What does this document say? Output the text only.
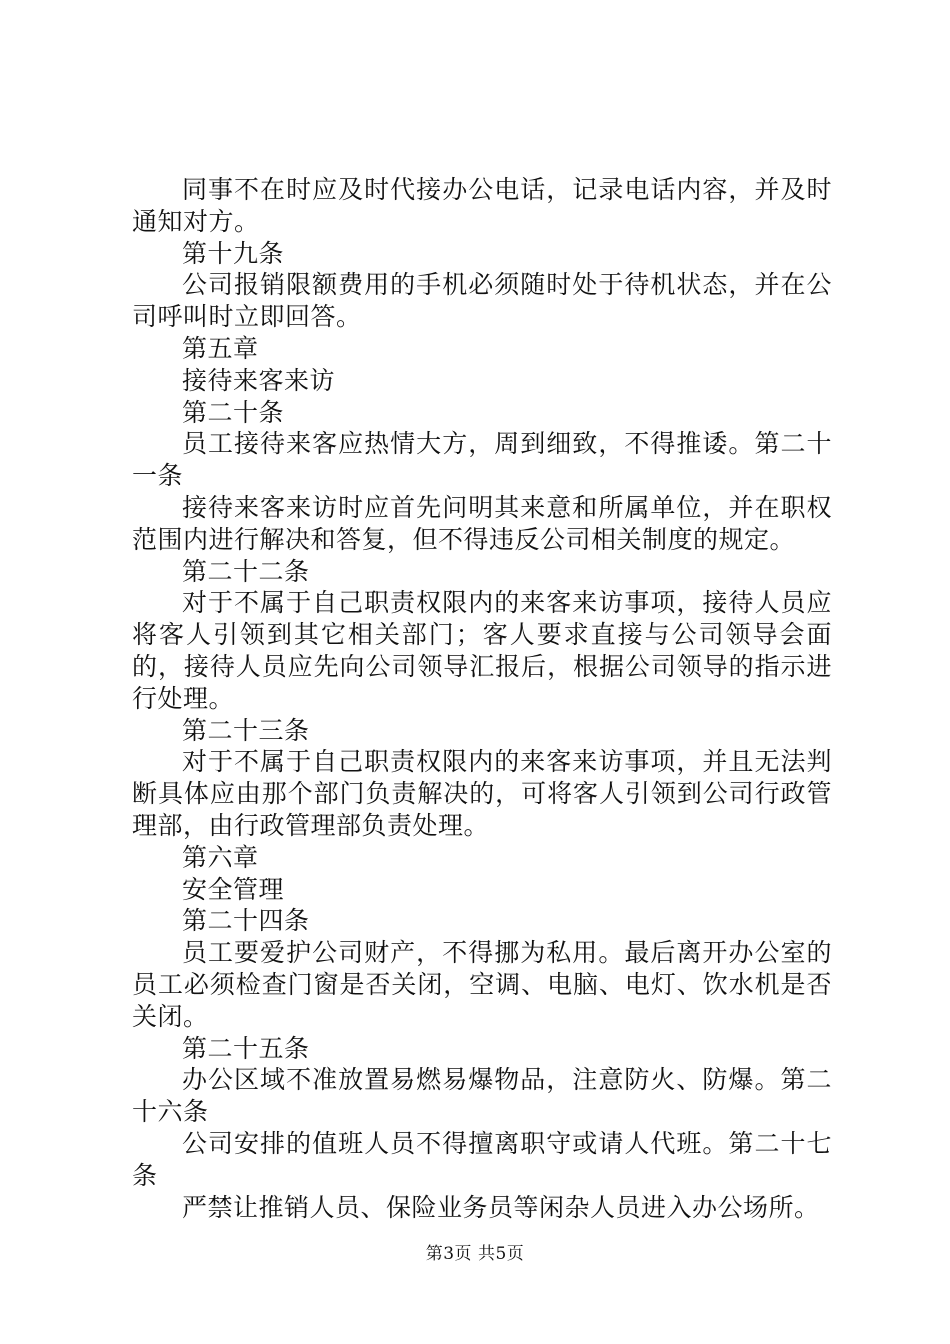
同事不在时应及时代接办公电话，记录电话内容，并及时通知对方。

第十九条

公司报销限额费用的手机必须随时处于待机状态，并在公司呼叫时立即回答。

第五章

接待来客来访

第二十条

员工接待来客应热情大方，周到细致，不得推诿。第二十一条

接待来客来访时应首先问明其来意和所属单位，并在职权范围内进行解决和答复，但不得违反公司相关制度的规定。

第二十二条

对于不属于自己职责权限内的来客来访事项，接待人员应将客人引领到其它相关部门；客人要求直接与公司领导会面的，接待人员应先向公司领导汇报后，根据公司领导的指示进行处理。

第二十三条

对于不属于自己职责权限内的来客来访事项，并且无法判断具体应由那个部门负责解决的，可将客人引领到公司行政管理部，由行政管理部负责处理。

第六章

安全管理

第二十四条

员工要爱护公司财产，不得挪为私用。最后离开办公室的员工必须检查门窗是否关闭，空调、电脑、电灯、饮水机是否关闭。

第二十五条

办公区域不准放置易燃易爆物品，注意防火、防爆。第二十六条

公司安排的值班人员不得擅离职守或请人代班。第二十七条

严禁让推销人员、保险业务员等闲杂人员进入办公场所。

第3页 共5页
